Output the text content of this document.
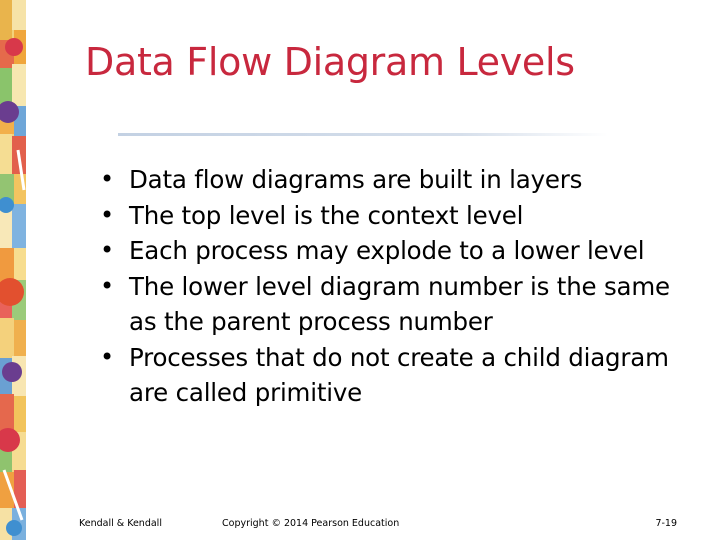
Data Flow Diagram Levels
• Data flow diagrams are built in layers
• The top level is the context level
• Each process may explode to a lower level
• The lower level diagram number is the same as the parent process number
• Processes that do not create a child diagram are called primitive
Kendall & Kendall	Copyright © 2014 Pearson Education	7-19
